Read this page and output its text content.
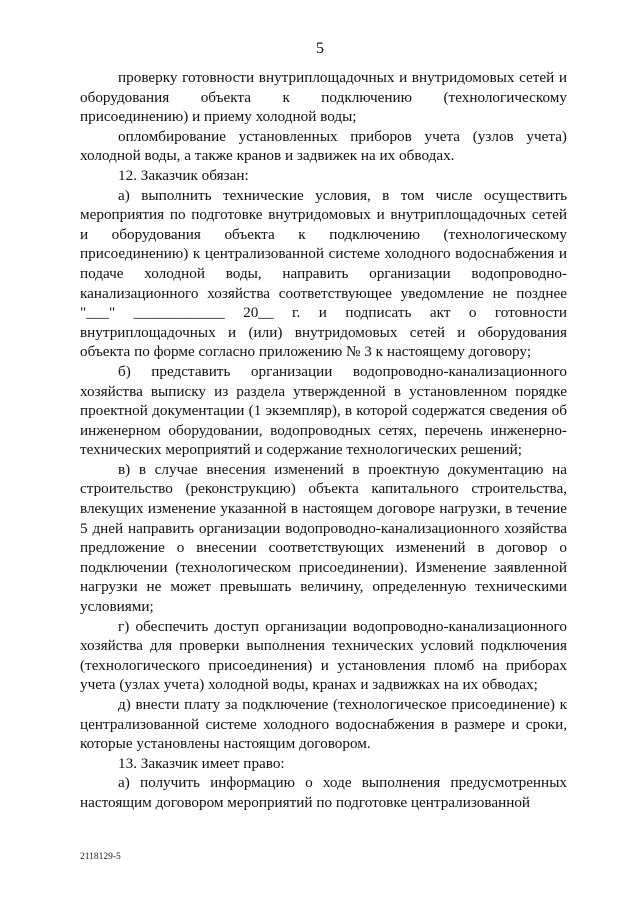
5

проверку готовности внутриплощадочных и внутридомовых сетей и оборудования объекта к подключению (технологическому присоединению) и приему холодной воды;

опломбирование установленных приборов учета (узлов учета) холодной воды, а также кранов и задвижек на их обводах.

12. Заказчик обязан:

а) выполнить технические условия, в том числе осуществить мероприятия по подготовке внутридомовых и внутриплощадочных сетей и оборудования объекта к подключению (технологическому присоединению) к централизованной системе холодного водоснабжения и подаче холодной воды, направить организации водопроводно-канализационного хозяйства соответствующее уведомление не позднее "___" ____________ 20__ г. и подписать акт о готовности внутриплощадочных и (или) внутридомовых сетей и оборудования объекта по форме согласно приложению № 3 к настоящему договору;

б) представить организации водопроводно-канализационного хозяйства выписку из раздела утвержденной в установленном порядке проектной документации (1 экземпляр), в которой содержатся сведения об инженерном оборудовании, водопроводных сетях, перечень инженерно-технических мероприятий и содержание технологических решений;

в) в случае внесения изменений в проектную документацию на строительство (реконструкцию) объекта капитального строительства, влекущих изменение указанной в настоящем договоре нагрузки, в течение 5 дней направить организации водопроводно-канализационного хозяйства предложение о внесении соответствующих изменений в договор о подключении (технологическом присоединении). Изменение заявленной нагрузки не может превышать величину, определенную техническими условиями;

г) обеспечить доступ организации водопроводно-канализационного хозяйства для проверки выполнения технических условий подключения (технологического присоединения) и установления пломб на приборах учета (узлах учета) холодной воды, кранах и задвижках на их обводах;

д) внести плату за подключение (технологическое присоединение) к централизованной системе холодного водоснабжения в размере и сроки, которые установлены настоящим договором.

13. Заказчик имеет право:

а) получить информацию о ходе выполнения предусмотренных настоящим договором мероприятий по подготовке централизованной

2118129-5
